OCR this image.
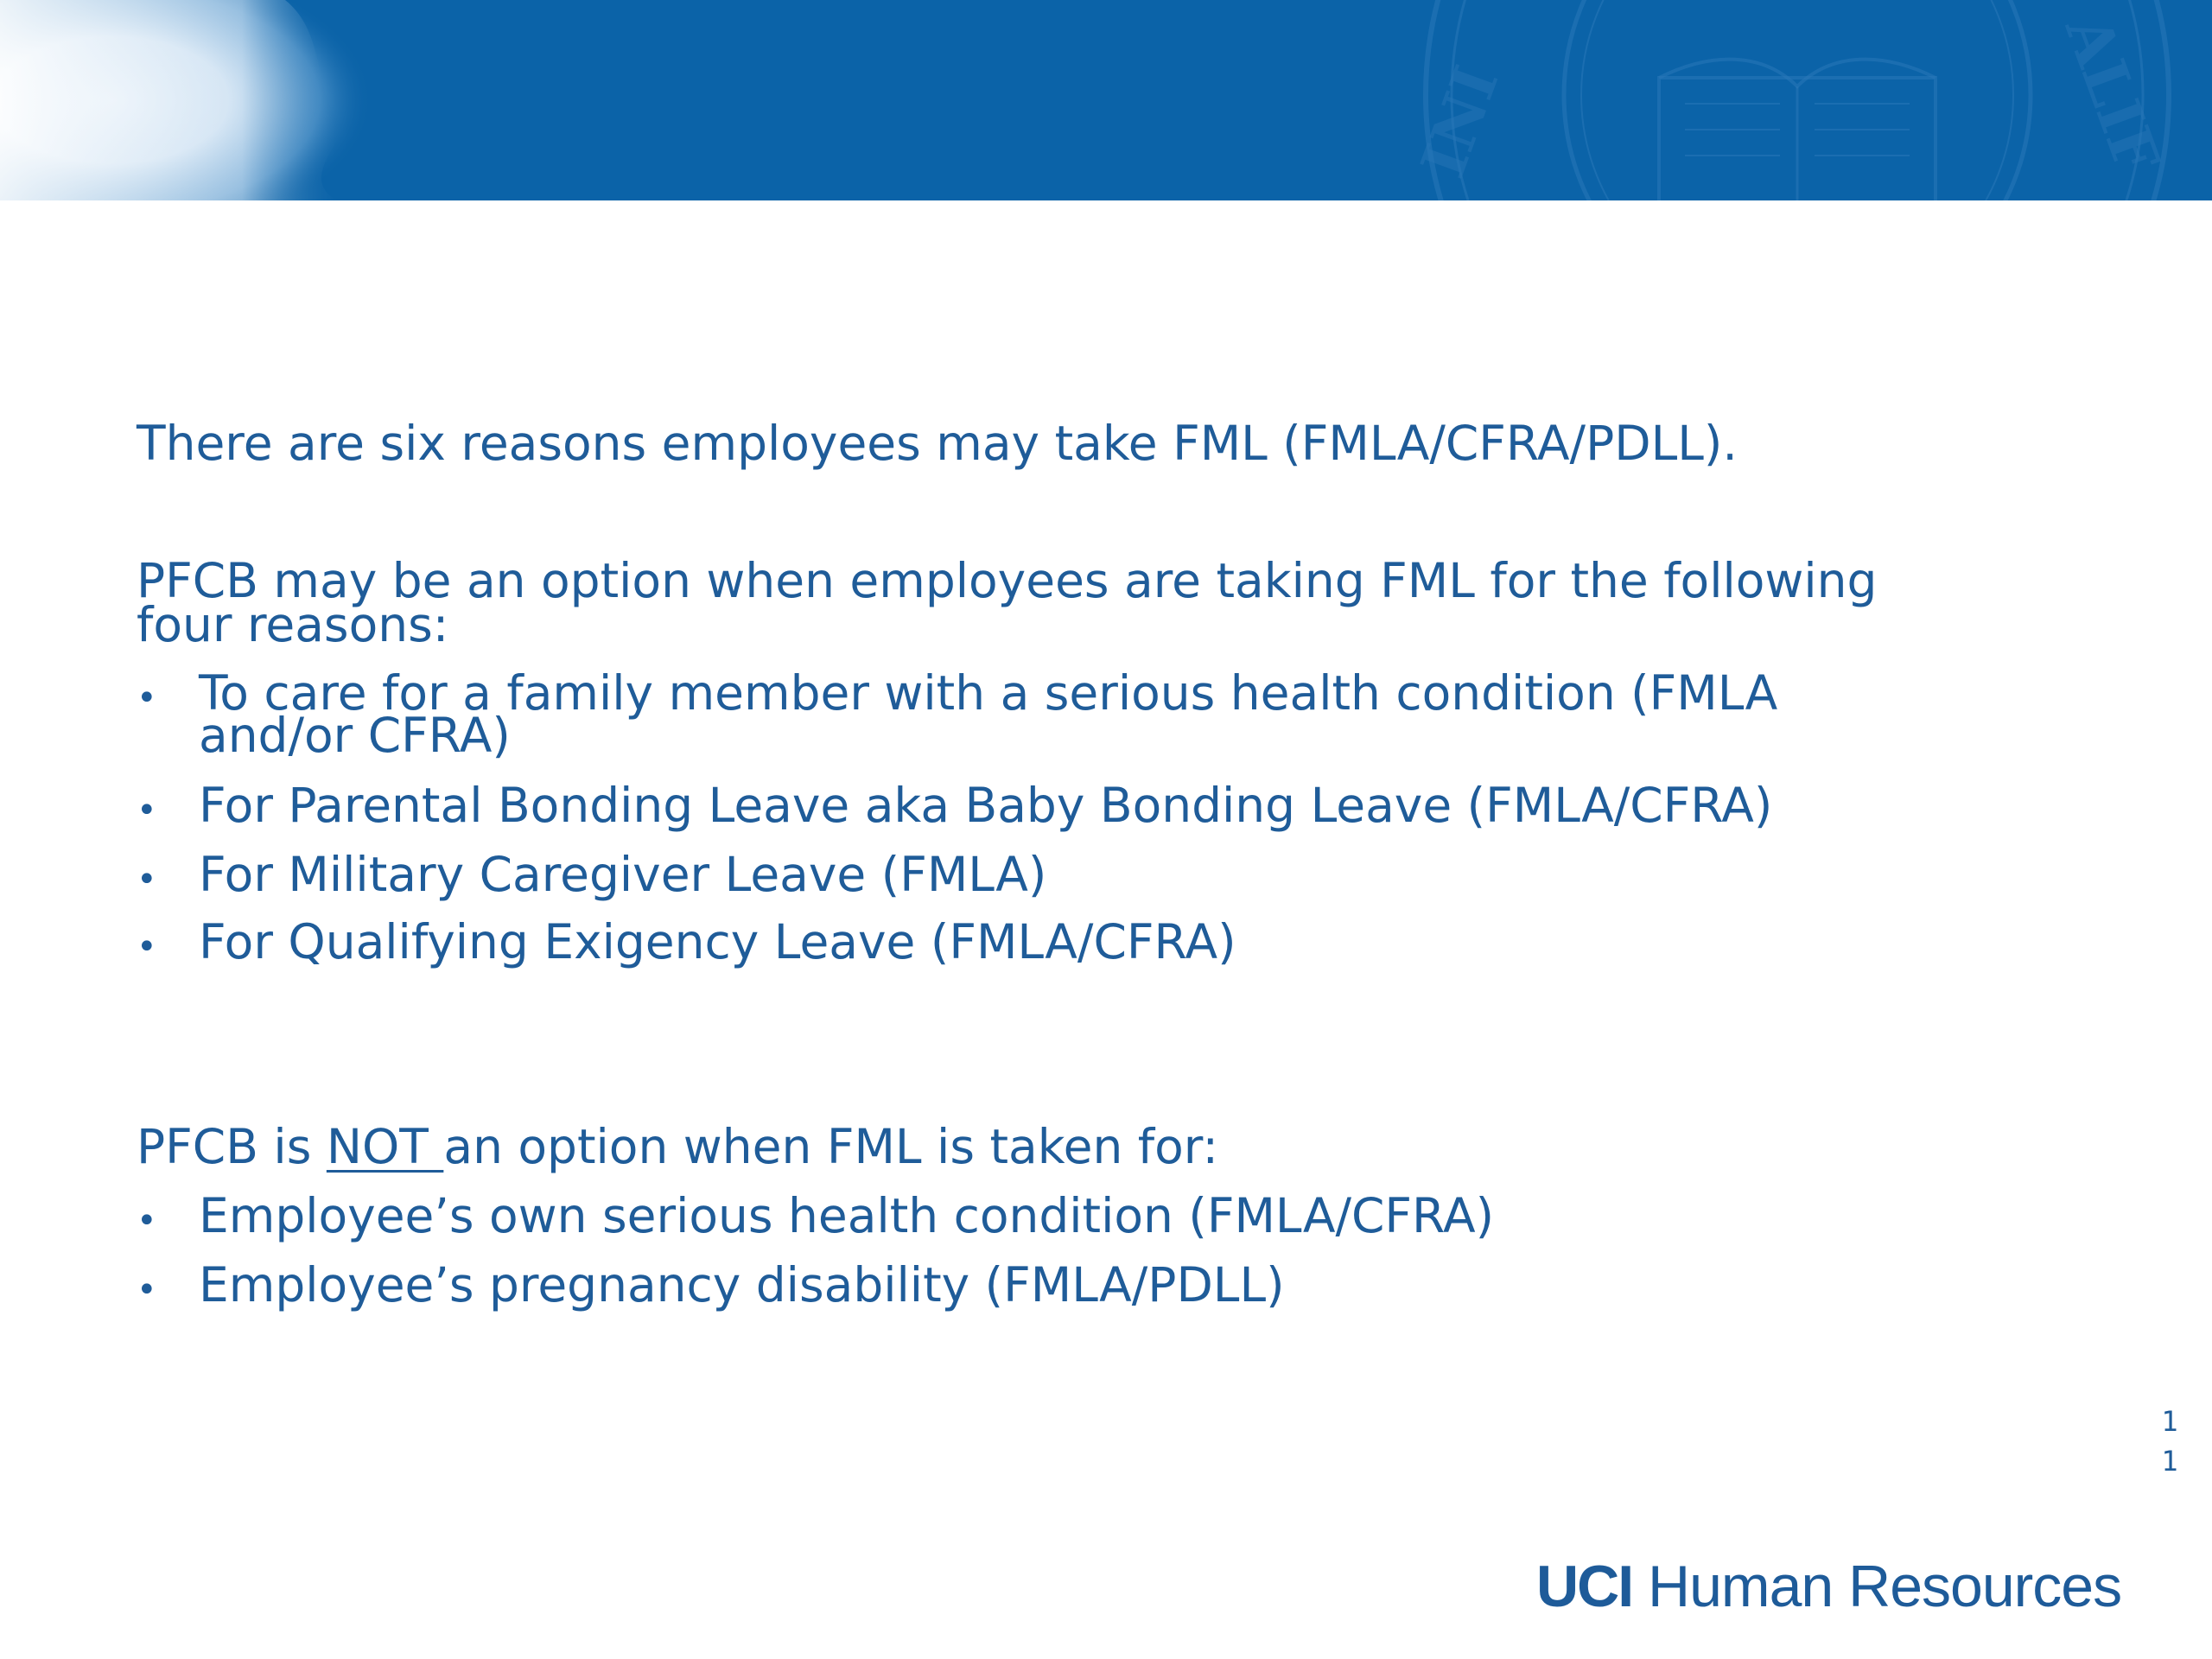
INI	ALIF
There are six reasons employees may take FML (FMLA/CFRA/PDLL).
PFCB may be an option when employees are taking FML for the following
four reasons:
• To care for a family member with a serious health condition (FMLA
and/or CFRA)
• For Parental Bonding Leave aka Baby Bonding Leave (FMLA/CFRA)
• For Military Caregiver Leave (FMLA)
• For Qualifying Exigency Leave (FMLA/CFRA)
PFCB is NOT an option when FML is taken for:
• Employee’s own serious health condition (FMLA/CFRA)
• Employee’s pregnancy disability (FMLA/PDLL)
11
UCI Human Resources
